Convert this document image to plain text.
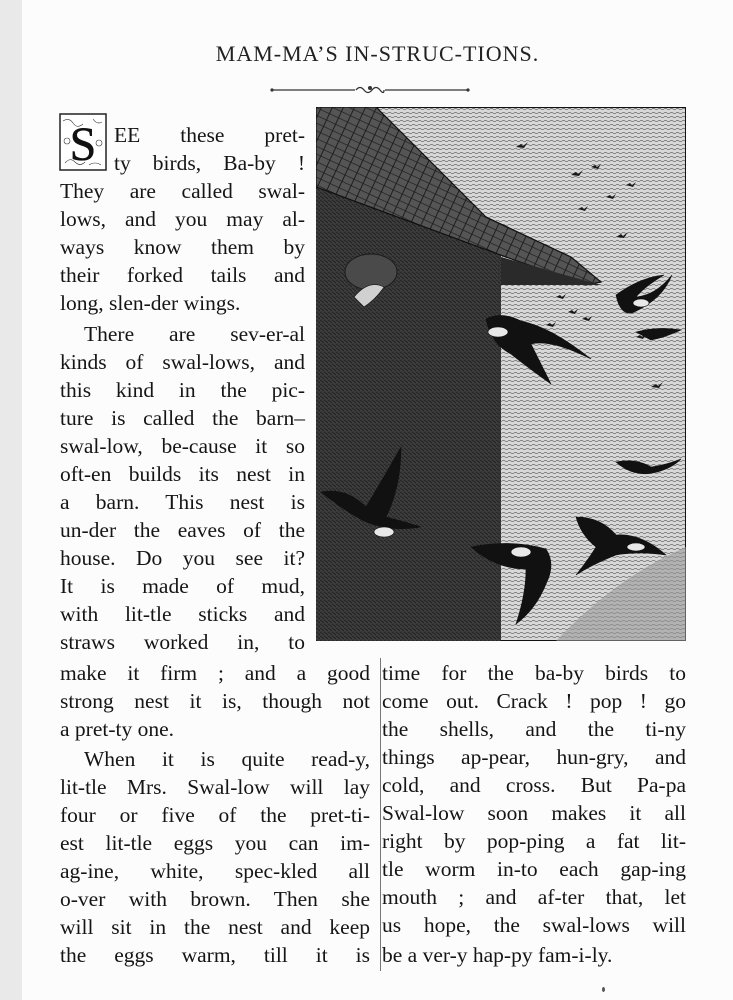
MAM-MA’S IN-STRUC-TIONS.
S EE these pret-
ty birds, Ba-by !
They are called swal-
lows, and you may al-
ways know them by
their forked tails and
long, slen-der wings.
There are sev-er-al
kinds of swal-lows, and
this kind in the pic-
ture is called the barn–
swal-low, be-cause it so
oft-en builds its nest in
a barn. This nest is
un-der the eaves of the
house. Do you see it?
It is made of mud,
with lit-tle sticks and
straws worked in, to
make it firm ; and a good
strong nest it is, though not
a pret-ty one.
When it is quite read-y,
lit-tle Mrs. Swal-low will lay
four or five of the pret-ti-
est lit-tle eggs you can im-
ag-ine, white, spec-kled all
o-ver with brown. Then she
will sit in the nest and keep
the eggs warm, till it is
time for the ba-by birds to
come out. Crack ! pop ! go
the shells, and the ti-ny
things ap-pear, hun-gry, and
cold, and cross. But Pa-pa
Swal-low soon makes it all
right by pop-ping a fat lit-
tle worm in-to each gap-ing
mouth ; and af-ter that, let
us hope, the swal-lows will
be a ver-y hap-py fam-i-ly.
